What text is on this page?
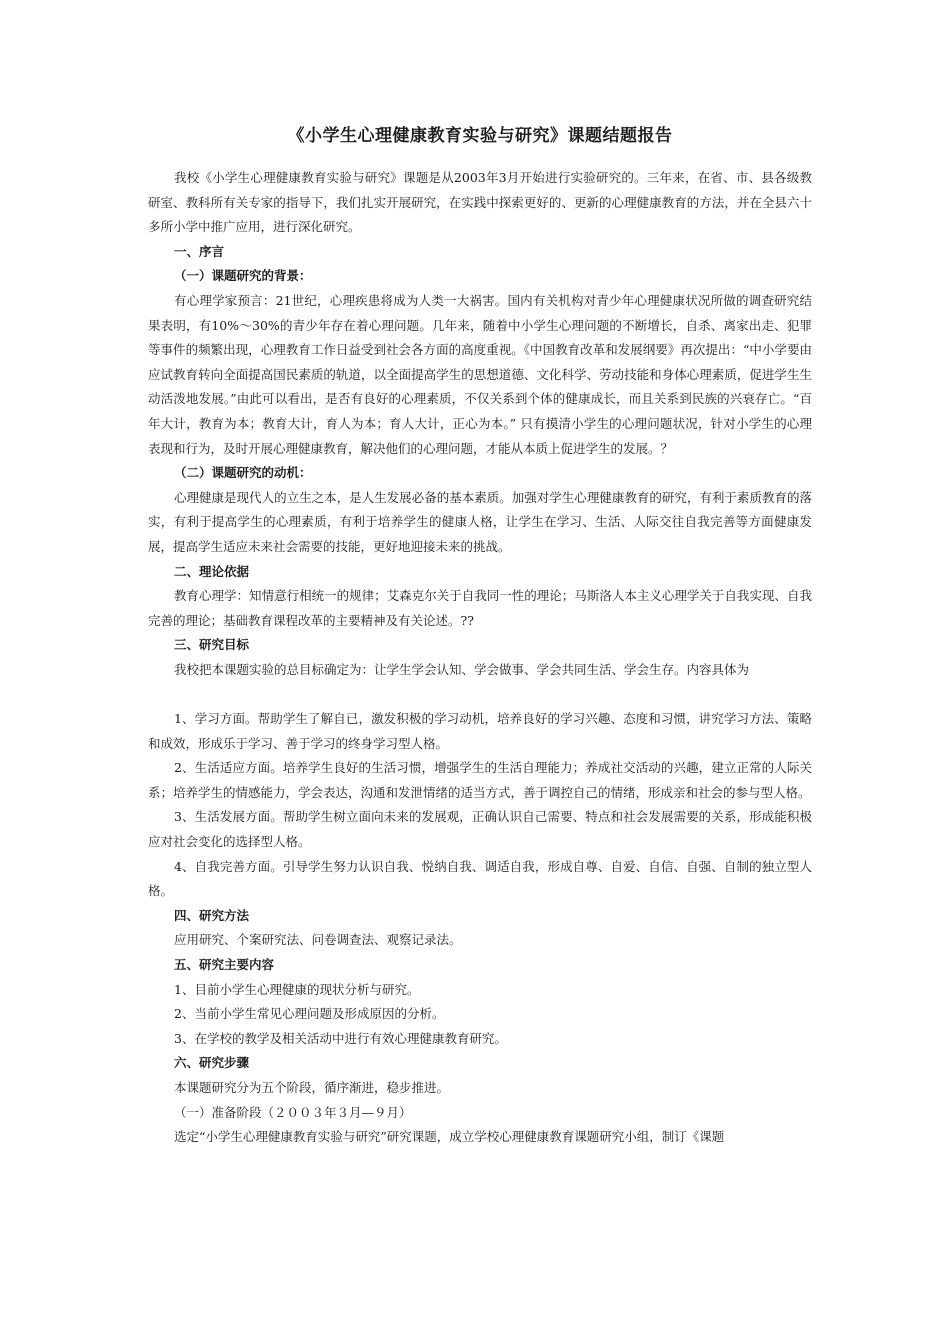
《小学生心理健康教育实验与研究》课题结题报告

我校《小学生心理健康教育实验与研究》课题是从2003年3月开始进行实验研究的。三年来，在省、市、县各级教研室、教科所有关专家的指导下，我们扎实开展研究，在实践中探索更好的、更新的心理健康教育的方法，并在全县六十多所小学中推广应用，进行深化研究。

一、序言

（一）课题研究的背景：

有心理学家预言：21世纪，心理疾患将成为人类一大祸害。国内有关机构对青少年心理健康状况所做的调查研究结果表明，有10%～30%的青少年存在着心理问题。几年来，随着中小学生心理问题的不断增长，自杀、离家出走、犯罪等事件的频繁出现，心理教育工作日益受到社会各方面的高度重视。《中国教育改革和发展纲要》再次提出：“中小学要由应试教育转向全面提高国民素质的轨道，以全面提高学生的思想道德、文化科学、劳动技能和身体心理素质，促进学生生动活泼地发展。”由此可以看出，是否有良好的心理素质，不仅关系到个体的健康成长，而且关系到民族的兴衰存亡。“百年大计，教育为本；教育大计，育人为本；育人大计，正心为本。” 只有摸清小学生的心理问题状况，针对小学生的心理表现和行为，及时开展心理健康教育，解决他们的心理问题，才能从本质上促进学生的发展。？

（二）课题研究的动机：

心理健康是现代人的立生之本，是人生发展必备的基本素质。加强对学生心理健康教育的研究，有利于素质教育的落实，有利于提高学生的心理素质，有利于培养学生的健康人格，让学生在学习、生活、人际交往自我完善等方面健康发展，提高学生适应未来社会需要的技能，更好地迎接未来的挑战。

二、理论依据

教育心理学：知情意行相统一的规律；艾森克尔关于自我同一性的理论；马斯洛人本主义心理学关于自我实现、自我完善的理论；基础教育课程改革的主要精神及有关论述。??

三、研究目标

我校把本课题实验的总目标确定为：让学生学会认知、学会做事、学会共同生活、学会生存。内容具体为

1、学习方面。帮助学生了解自已，激发积极的学习动机，培养良好的学习兴趣、态度和习惯，讲究学习方法、策略和成效，形成乐于学习、善于学习的终身学习型人格。

2、生活适应方面。培养学生良好的生活习惯，增强学生的生活自理能力；养成社交活动的兴趣，建立正常的人际关系；培养学生的情感能力，学会表达，沟通和发泄情绪的适当方式，善于调控自己的情绪，形成亲和社会的参与型人格。

3、生活发展方面。帮助学生树立面向未来的发展观，正确认识自己需要、特点和社会发展需要的关系，形成能积极应对社会变化的选择型人格。

4、自我完善方面。引导学生努力认识自我、悦纳自我、调适自我，形成自尊、自爱、自信、自强、自制的独立型人格。

四、研究方法

应用研究、个案研究法、问卷调查法、观察记录法。

五、研究主要内容

1、目前小学生心理健康的现状分析与研究。

2、当前小学生常见心理问题及形成原因的分析。

3、在学校的教学及相关活动中进行有效心理健康教育研究。

六、研究步骤

本课题研究分为五个阶段，循序渐进，稳步推进。

（一）准备阶段（２００３年３月—９月）

选定“小学生心理健康教育实验与研究”研究课题，成立学校心理健康教育课题研究小组，制订《课题
